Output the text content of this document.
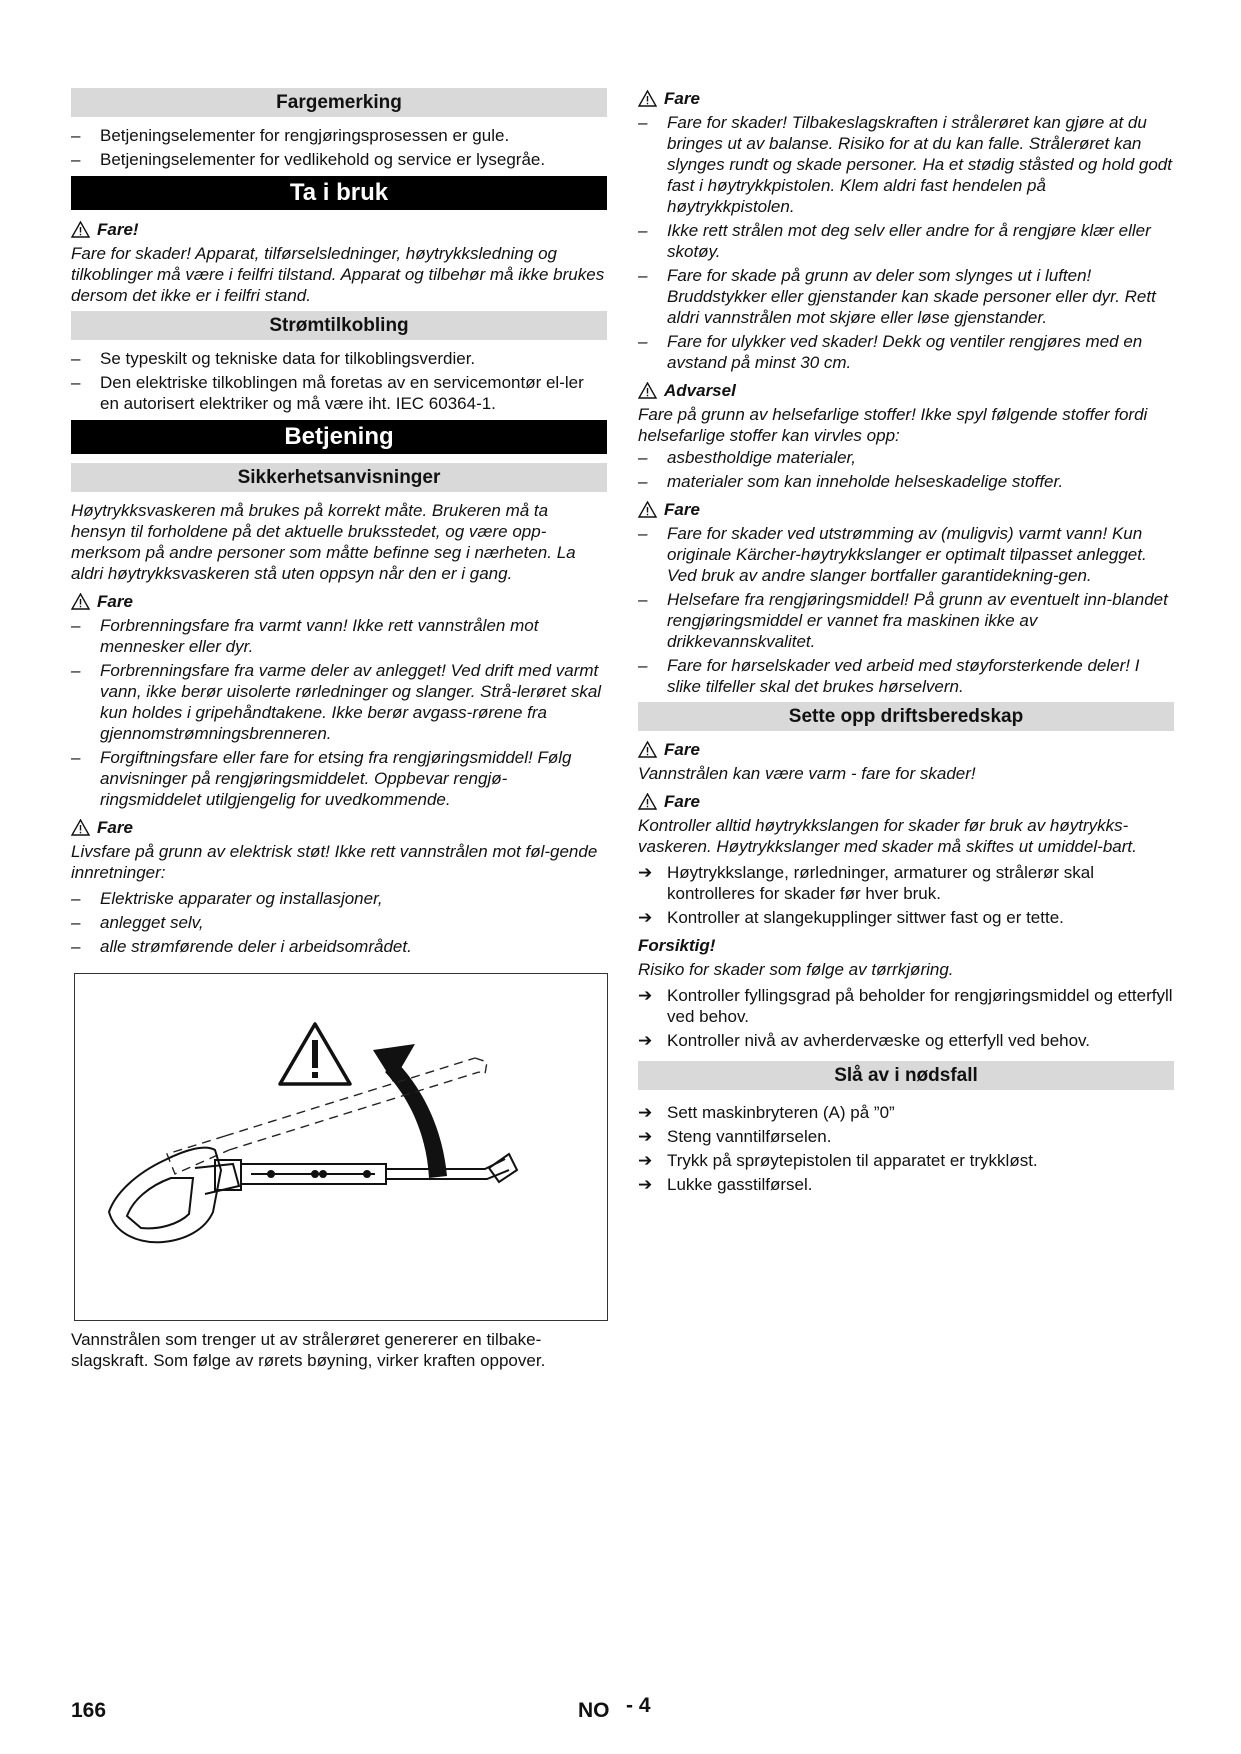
Fargemerking
– Betjeningselementer for rengjøringsprosessen er gule.
– Betjeningselementer for vedlikehold og service er lysegråe.
Ta i bruk
Fare!

Fare for skader! Apparat, tilførselsledninger, høytrykksledning og tilkoblinger må være i feilfri tilstand. Apparat og tilbehør må ikke brukes dersom det ikke er i feilfri stand.

Strømtilkobling
– Se typeskilt og tekniske data for tilkoblingsverdier.
– Den elektriske tilkoblingen må foretas av en servicemontør el-ler en autorisert elektriker og må være iht. IEC 60364-1.
Betjening
Sikkerhetsanvisninger

Høytrykksvaskeren må brukes på korrekt måte. Brukeren må ta hensyn til forholdene på det aktuelle bruksstedet, og være opp-merksom på andre personer som måtte befinne seg i nærheten. La aldri høytrykksvaskeren stå uten oppsyn når den er i gang.

Fare
– Forbrenningsfare fra varmt vann! Ikke rett vannstrålen mot mennesker eller dyr.
– Forbrenningsfare fra varme deler av anlegget! Ved drift med varmt vann, ikke berør uisolerte rørledninger og slanger. Strå-lerøret skal kun holdes i gripehåndtakene. Ikke berør avgass-rørene fra gjennomstrømningsbrenneren.
– Forgiftningsfare eller fare for etsing fra rengjøringsmiddel! Følg anvisninger på rengjøringsmiddelet. Oppbevar rengjø-ringsmiddelet utilgjengelig for uvedkommende.
Fare

Livsfare på grunn av elektrisk støt! Ikke rett vannstrålen mot føl-gende innretninger:

– Elektriske apparater og installasjoner,
– anlegget selv,
– alle strømførende deler i arbeidsområdet.

Vannstrålen som trenger ut av strålerøret genererer en tilbake-slagskraft. Som følge av rørets bøyning, virker kraften oppover.

Fare
– Fare for skader! Tilbakeslagskraften i strålerøret kan gjøre at du bringes ut av balanse. Risiko for at du kan falle. Strålerøret kan slynges rundt og skade personer. Ha et stødig ståsted og hold godt fast i høytrykkpistolen. Klem aldri fast hendelen på høytrykkpistolen.
– Ikke rett strålen mot deg selv eller andre for å rengjøre klær eller skotøy.
– Fare for skade på grunn av deler som slynges ut i luften! Bruddstykker eller gjenstander kan skade personer eller dyr. Rett aldri vannstrålen mot skjøre eller løse gjenstander.
– Fare for ulykker ved skader! Dekk og ventiler rengjøres med en avstand på minst 30 cm.
Advarsel

Fare på grunn av helsefarlige stoffer! Ikke spyl følgende stoffer fordi helsefarlige stoffer kan virvles opp:

– asbestholdige materialer,
– materialer som kan inneholde helseskadelige stoffer.
Fare
– Fare for skader ved utstrømming av (muligvis) varmt vann! Kun originale Kärcher-høytrykkslanger er optimalt tilpasset anlegget. Ved bruk av andre slanger bortfaller garantidekning-gen.
– Helsefare fra rengjøringsmiddel! På grunn av eventuelt inn-blandet rengjøringsmiddel er vannet fra maskinen ikke av drikkevannskvalitet.
– Fare for hørselskader ved arbeid med støyforsterkende deler! I slike tilfeller skal det brukes hørselvern.
Sette opp driftsberedskap
Fare

Vannstrålen kan være varm - fare for skader!

Fare

Kontroller alltid høytrykkslangen for skader før bruk av høytrykks-vaskeren. Høytrykkslanger med skader må skiftes ut umiddel-bart.

➔ Høytrykkslange, rørledninger, armaturer og strålerør skal kontrolleres for skader før hver bruk.
➔ Kontroller at slangekupplinger sittwer fast og er tette.
Forsiktig!

Risiko for skader som følge av tørrkjøring.

➔ Kontroller fyllingsgrad på beholder for rengjøringsmiddel og etterfyll ved behov.
➔ Kontroller nivå av avherdervæske og etterfyll ved behov.
Slå av i nødsfall
➔ Sett maskinbryteren (A) på ”0”
➔ Steng vanntilførselen.
➔ Trykk på sprøytepistolen til apparatet er trykkløst.
➔ Lukke gasstilførsel.
166	NO - 4
